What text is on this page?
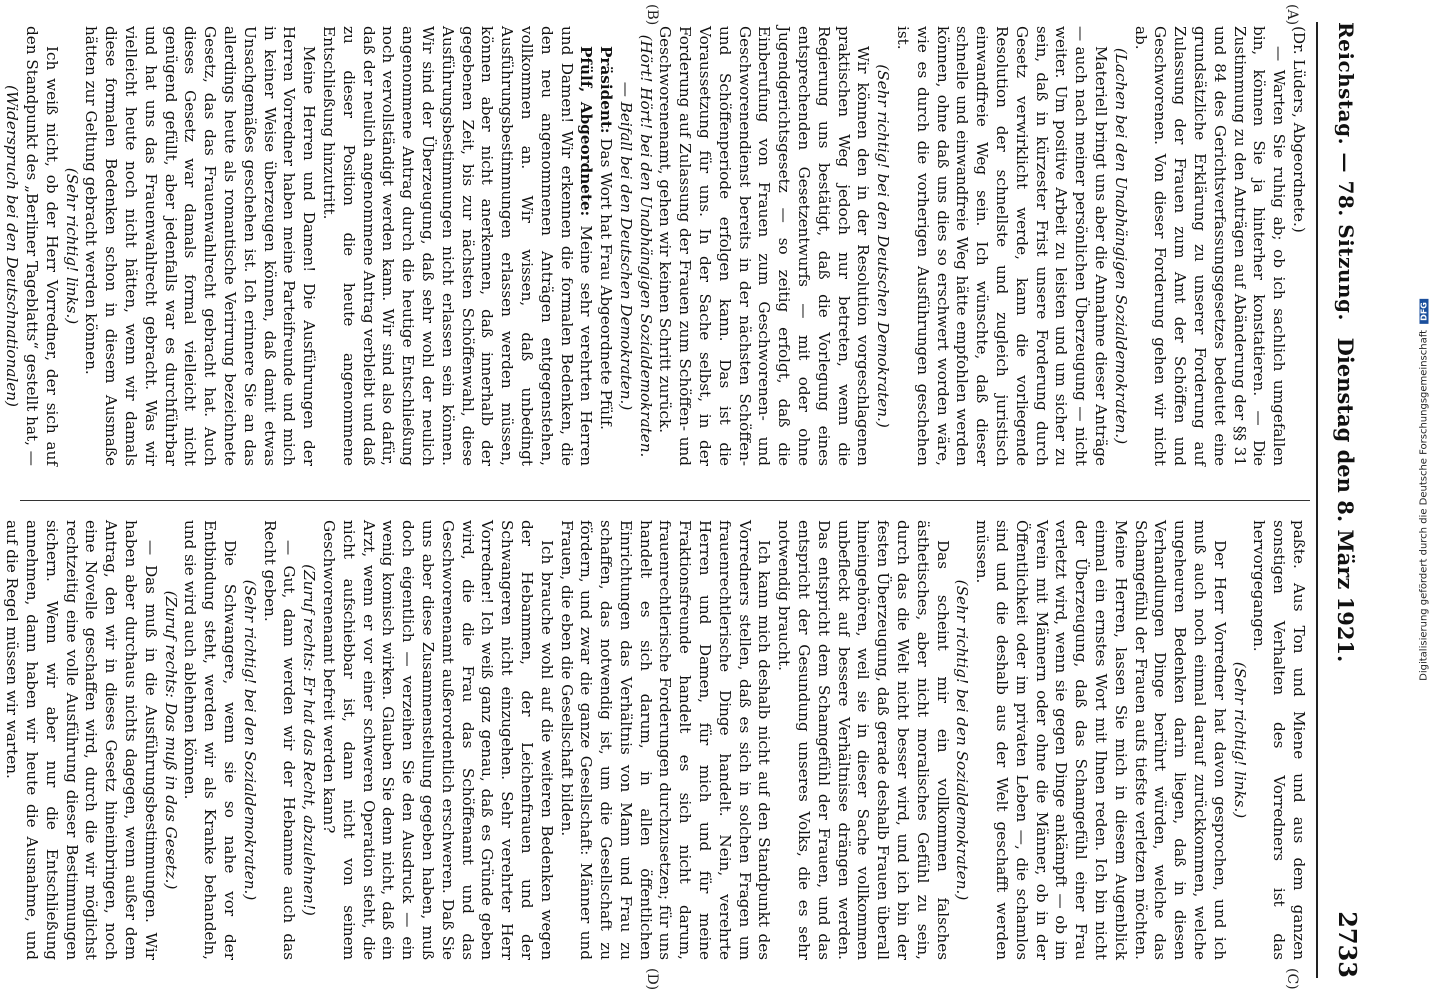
Reichstag. — 78. Sitzung.
Dienstag den 8. März 1921.
2733
(A)
(B)
(C)
(D)

(Dr. Lüders, Abgeordnete.)

— Warten Sie ruhig ab; ob ich sachlich umgefallen bin, können Sie ja hinterher konstatieren. — Die Zustimmung zu den Anträgen auf Abänderung der §§ 31 und 84 des Gerichtsverfassungsgesetzes bedeutet eine grundsätzliche Erklärung zu unserer Forderung auf Zulassung der Frauen zum Amt der Schöffen und Geschworenen. Von dieser Forderung gehen wir nicht ab.

(Lachen bei den Unabhängigen Sozialdemokraten.)

Materiell bringt uns aber die Annahme dieser Anträge — auch nach meiner persönlichen Überzeugung — nicht weiter. Um positive Arbeit zu leisten und um sicher zu sein, daß in kürzester Frist unsere Forderung durch Gesetz verwirklicht werde, kann die vorliegende Resolution der schnellste und zugleich juristisch einwandfreie Weg sein. Ich wünschte, daß dieser schnelle und einwandfreie Weg hätte empfohlen werden können, ohne daß uns dies so erschwert worden wäre, wie es durch die vorherigen Ausführungen geschehen ist.

(Sehr richtig! bei den Deutschen Demokraten.)

Wir können den in der Resolution vorgeschlagenen praktischen Weg jedoch nur betreten, wenn die Regierung uns bestätigt, daß die Vorlegung eines entsprechenden Gesetzentwurfs — mit oder ohne Jugendgerichtsgesetz — so zeitig erfolgt, daß die Einberufung von Frauen zum Geschworenen- und Geschworenendienst bereits in der nächsten Schöffen- und Schöffenperiode erfolgen kann. Das ist die Voraussetzung für uns. In der Sache selbst, in der Forderung auf Zulassung der Frauen zum Schöffen- und Geschworenenamt, gehen wir keinen Schritt zurück.

(Hört! Hört! bei den Unabhängigen Sozialdemokraten. — Beifall bei den Deutschen Demokraten.)

Präsident: Das Wort hat Frau Abgeordnete Pfülf.

Pfülf, Abgeordnete: Meine sehr verehrten Herren und Damen! Wir erkennen die formalen Bedenken, die den neu angenommenen Anträgen entgegenstehen, vollkommen an. Wir wissen, daß unbedingt Ausführungsbestimmungen erlassen werden müssen, können aber nicht anerkennen, daß innerhalb der gegebenen Zeit, bis zur nächsten Schöffenwahl, diese Ausführungsbestimmungen nicht erlassen sein können. Wir sind der Überzeugung, daß sehr wohl der neulich angenommene Antrag durch die heutige Entschließung noch vervollständigt werden kann. Wir sind also dafür, daß der neulich angenommene Antrag verbleibt und daß zu dieser Position die heute angenommene Entschließung hinzutritt.

Meine Herren und Damen! Die Ausführungen der Herren Vorredner haben meine Parteifreunde und mich in keiner Weise überzeugen können, daß damit etwas Unsachgemäßes geschehen ist. Ich erinnere Sie an das allerdings heute als romantische Verirrung bezeichnete Gesetz, das das Frauenwahlrecht gebracht hat. Auch dieses Gesetz war damals formal vielleicht nicht genügend gefüllt, aber jedenfalls war es durchführbar und hat uns das Frauenwahlrecht gebracht. Was wir vielleicht heute noch nicht hätten, wenn wir damals diese formalen Bedenken schon in diesem Ausmaße hätten zur Geltung gebracht werden können.

(Sehr richtig! links.)

Ich weiß nicht, ob der Herr Vorredner, der sich auf den Standpunkt des „Berliner Tageblatts“ gestellt hat, —

(Widerspruch bei den Deutschnationalen)

paßte. Aus Ton und Miene und aus dem ganzen sonstigen Verhalten des Vorredners ist das hervorgegangen.

(Sehr richtig! links.)

Der Herr Vorredner hat davon gesprochen, und ich muß auch noch einmal darauf zurückkommen, welche ungeheuren Bedenken darin liegen, daß in diesen Verhandlungen Dinge berührt würden, welche das Schamgefühl der Frauen aufs tiefste verletzen möchten. Meine Herren, lassen Sie mich in diesem Augenblick einmal ein ernstes Wort mit Ihnen reden. Ich bin nicht der Überzeugung, daß das Schamgefühl einer Frau verletzt wird, wenn sie gegen Dinge ankämpft — ob im Verein mit Männern oder ohne die Männer, ob in der Öffentlichkeit oder im privaten Leben —, die schamlos sind und die deshalb aus der Welt geschafft werden müssen.

(Sehr richtig! bei den Sozialdemokraten.)

Das scheint mir ein vollkommen falsches ästhetisches, aber nicht moralisches Gefühl zu sein, durch das die Welt nicht besser wird, und ich bin der festen Überzeugung, daß gerade deshalb Frauen überall hineingehören, weil sie in dieser Sache vollkommen unbefleckt auf bessere Verhältnisse drängen werden. Das entspricht dem Schamgefühl der Frauen, und das entspricht der Gesundung unseres Volks, die es sehr notwendig braucht.

Ich kann mich deshalb nicht auf den Standpunkt des Vorredners stellen, daß es sich in solchen Fragen um frauenrechtlerische Dinge handelt. Nein, verehrte Herren und Damen, für mich und für meine Fraktionsfreunde handelt es sich nicht darum, frauenrechtlerische Forderungen durchzusetzen; für uns handelt es sich darum, in allen öffentlichen Einrichtungen das Verhältnis von Mann und Frau zu schaffen, das notwendig ist, um die Gesellschaft zu fördern, und zwar die ganze Gesellschaft: Männer und Frauen, die eben die Gesellschaft bilden.

Ich brauche wohl auf die weiteren Bedenken wegen der Hebammen, der Leichenfrauen und der Schwangeren nicht einzugehen. Sehr verehrter Herr Vorredner! Ich weiß ganz genau, daß es Gründe geben wird, die die Frau das Schöffenamt und das Geschworenenamt außerordentlich erschweren. Daß Sie uns aber diese Zusammenstellung gegeben haben, muß doch eigentlich — verzeihen Sie den Ausdruck — ein wenig komisch wirken. Glauben Sie denn nicht, daß ein Arzt, wenn er vor einer schweren Operation steht, die nicht aufschiebbar ist, dann nicht von seinem Geschworenenamt befreit werden kann?

(Zuruf rechts: Er hat das Recht, abzulehnen!)

— Gut, dann werden wir der Hebamme auch das Recht geben.

(Sehr richtig! bei den Sozialdemokraten.)

Die Schwangere, wenn sie so nahe vor der Entbindung steht, werden wir als Kranke behandeln, und sie wird auch ablehnen können.

(Zuruf rechts: Das muß in das Gesetz.)

— Das muß in die Ausführungsbestimmungen. Wir haben aber durchaus nichts dagegen, wenn außer dem Antrag, den wir in dieses Gesetz hineinbringen, noch eine Novelle geschaffen wird, durch die wir möglichst rechtzeitig eine volle Ausführung dieser Bestimmungen sichern. Wenn wir aber nur die Entschließung annehmen, dann haben wir heute die Ausnahme, und auf die Regel müssen wir warten.	Digitalisierung gefördert durch die Deutsche Forschungsgemeinschaft DFG
